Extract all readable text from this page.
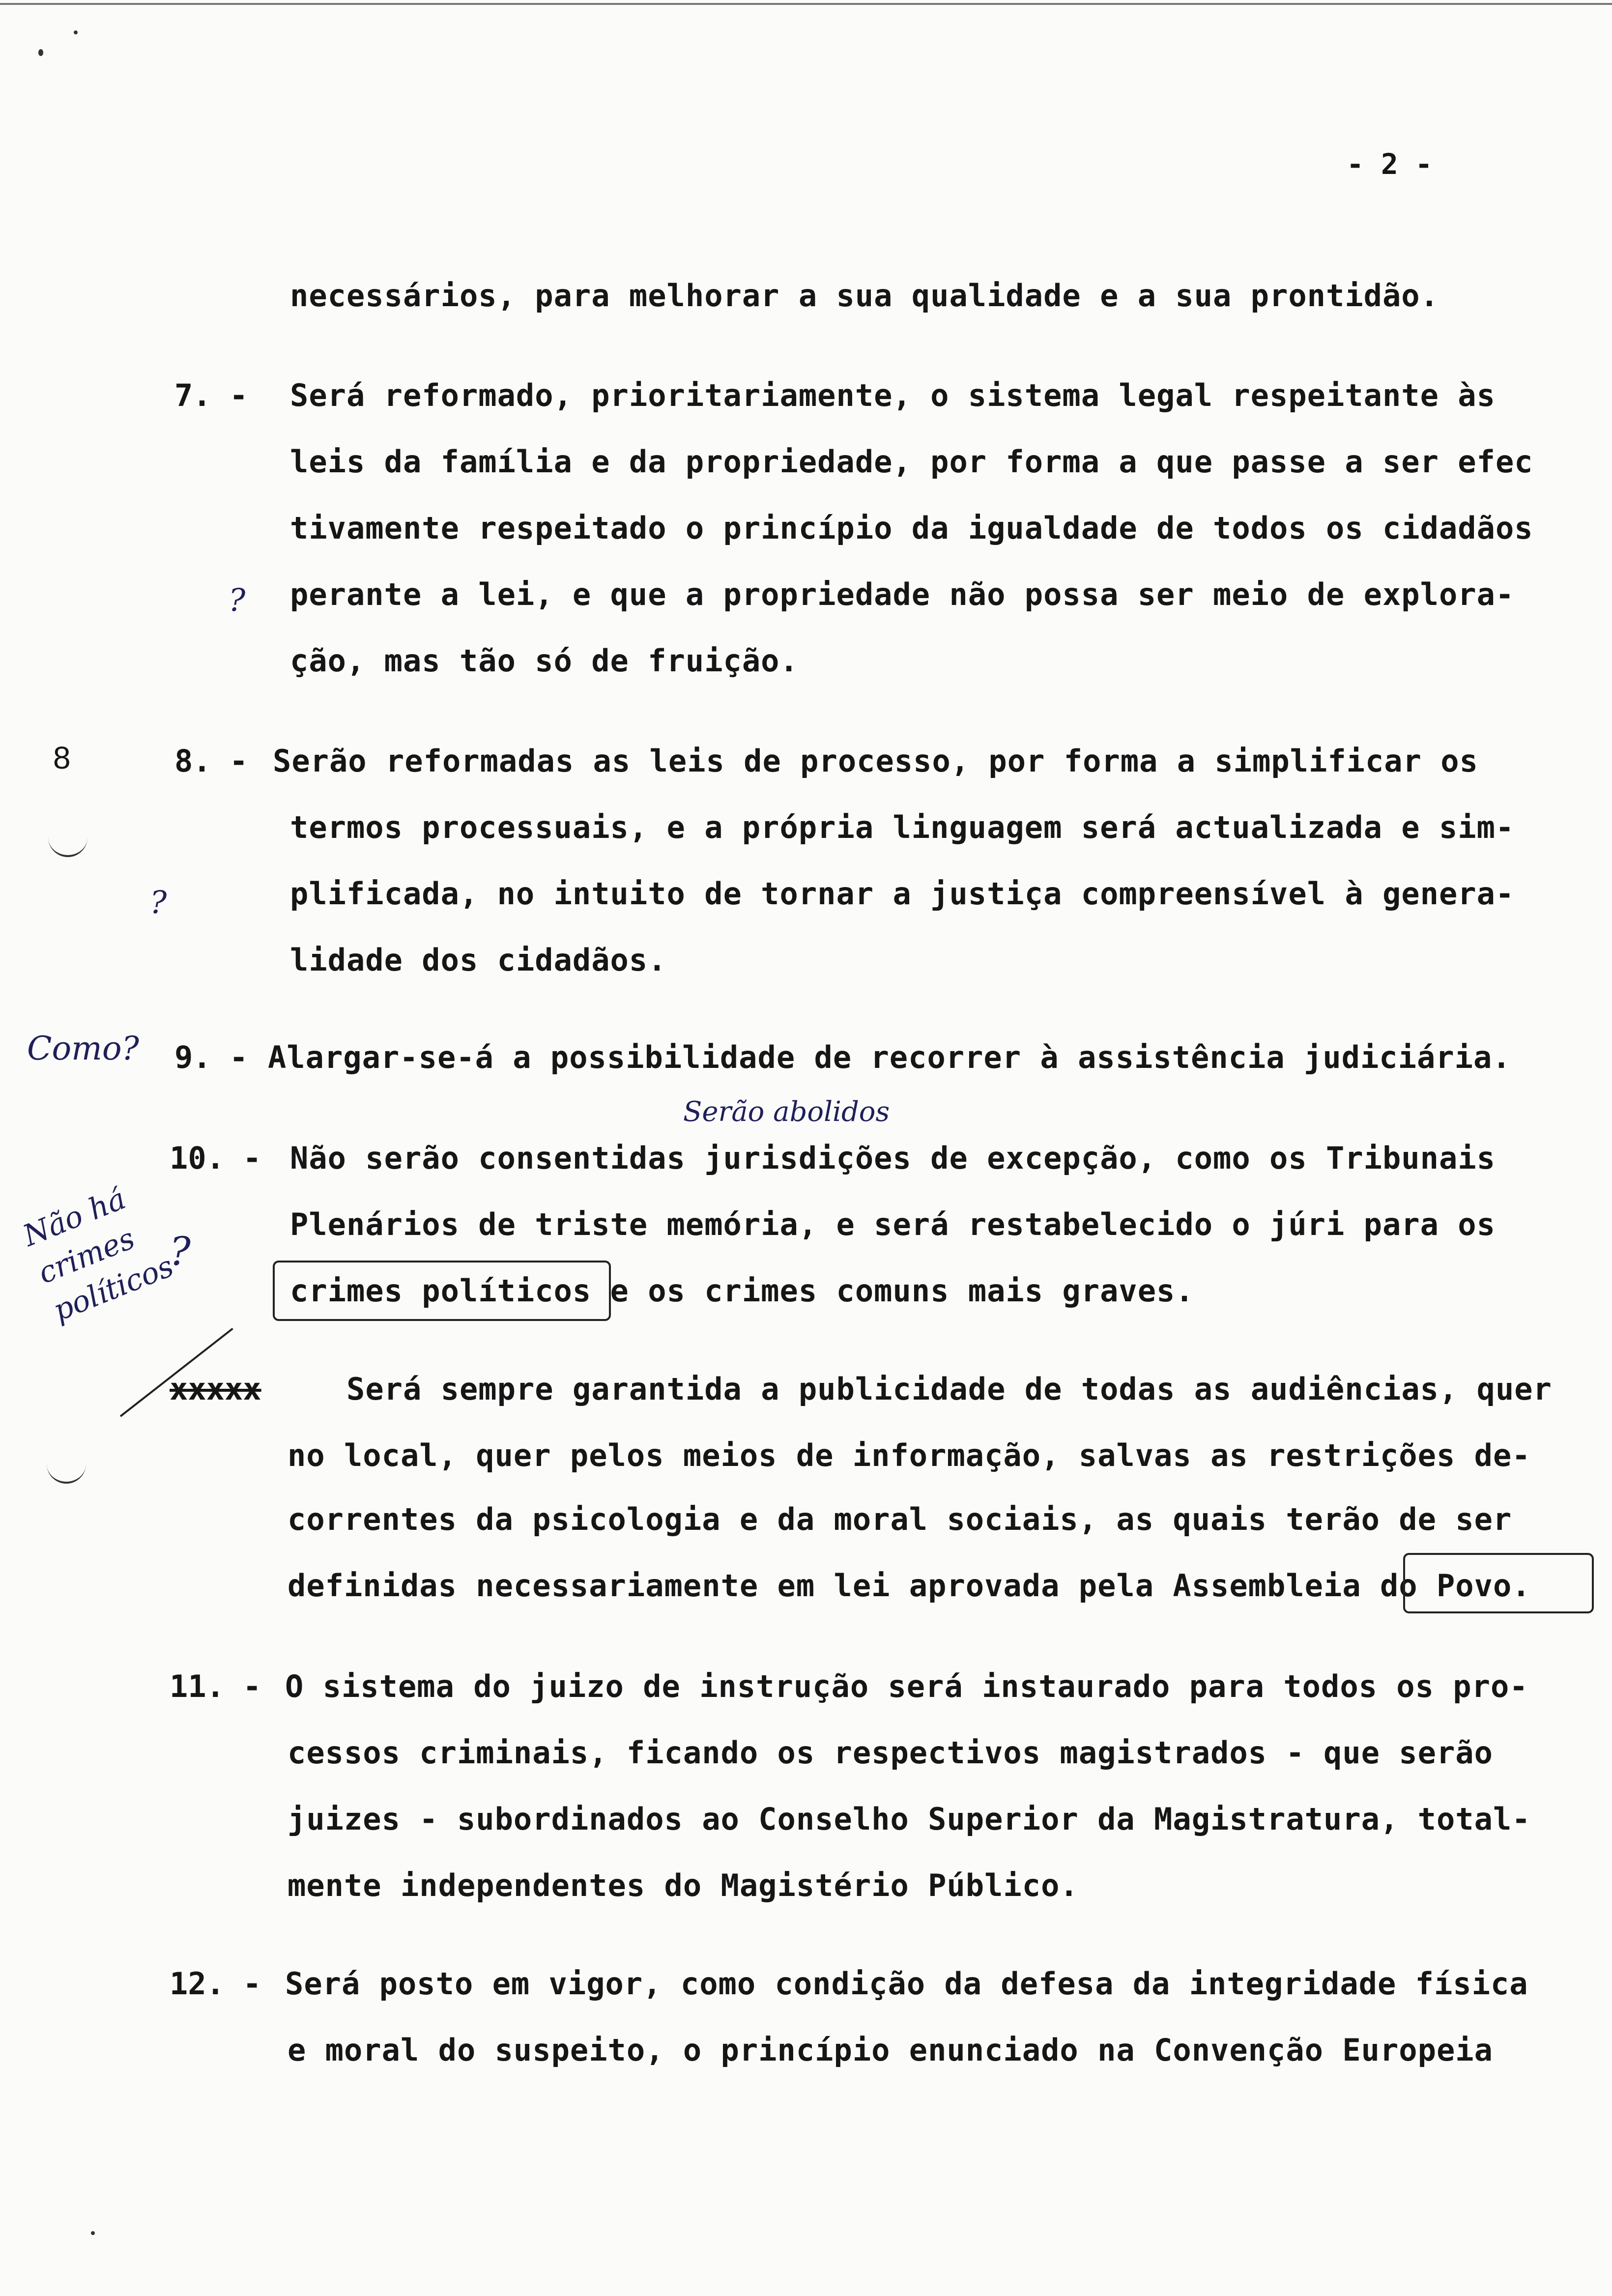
- 2 -
necessários, para melhorar a sua qualidade e a sua prontidão.
7. - Será reformado, prioritariamente, o sistema legal respeitante às
leis da família e da propriedade, por forma a que passe a ser efec
tivamente respeitado o princípio da igualdade de todos os cidadãos
perante a lei, e que a propriedade não possa ser meio de explora-
ção, mas tão só de fruição.
?
8	8. - Serão reformadas as leis de processo, por forma a simplificar os
termos processuais, e a própria linguagem será actualizada e sim-
plificada, no intuito de tornar a justiça compreensível à genera-
lidade dos cidadãos.
?
Como? 9. - Alargar-se-á a possibilidade de recorrer à assistência judiciária.
Serão abolidos
10. - Não serão consentidas jurisdições de excepção, como os Tribunais
Plenários de triste memória, e será restabelecido o júri para os
crimes políticos e os crimes comuns mais graves.
Não há
crimes
políticos
?
xxxxx	Será sempre garantida a publicidade de todas as audiências, quer
no local, quer pelos meios de informação, salvas as restrições de-
correntes da psicologia e da moral sociais, as quais terão de ser
definidas necessariamente em lei aprovada pela Assembleia do Povo.
11. - O sistema do juizo de instrução será instaurado para todos os pro-
cessos criminais, ficando os respectivos magistrados - que serão
juizes - subordinados ao Conselho Superior da Magistratura, total-
mente independentes do Magistério Público.
12. - Será posto em vigor, como condição da defesa da integridade física
e moral do suspeito, o princípio enunciado na Convenção Europeia
